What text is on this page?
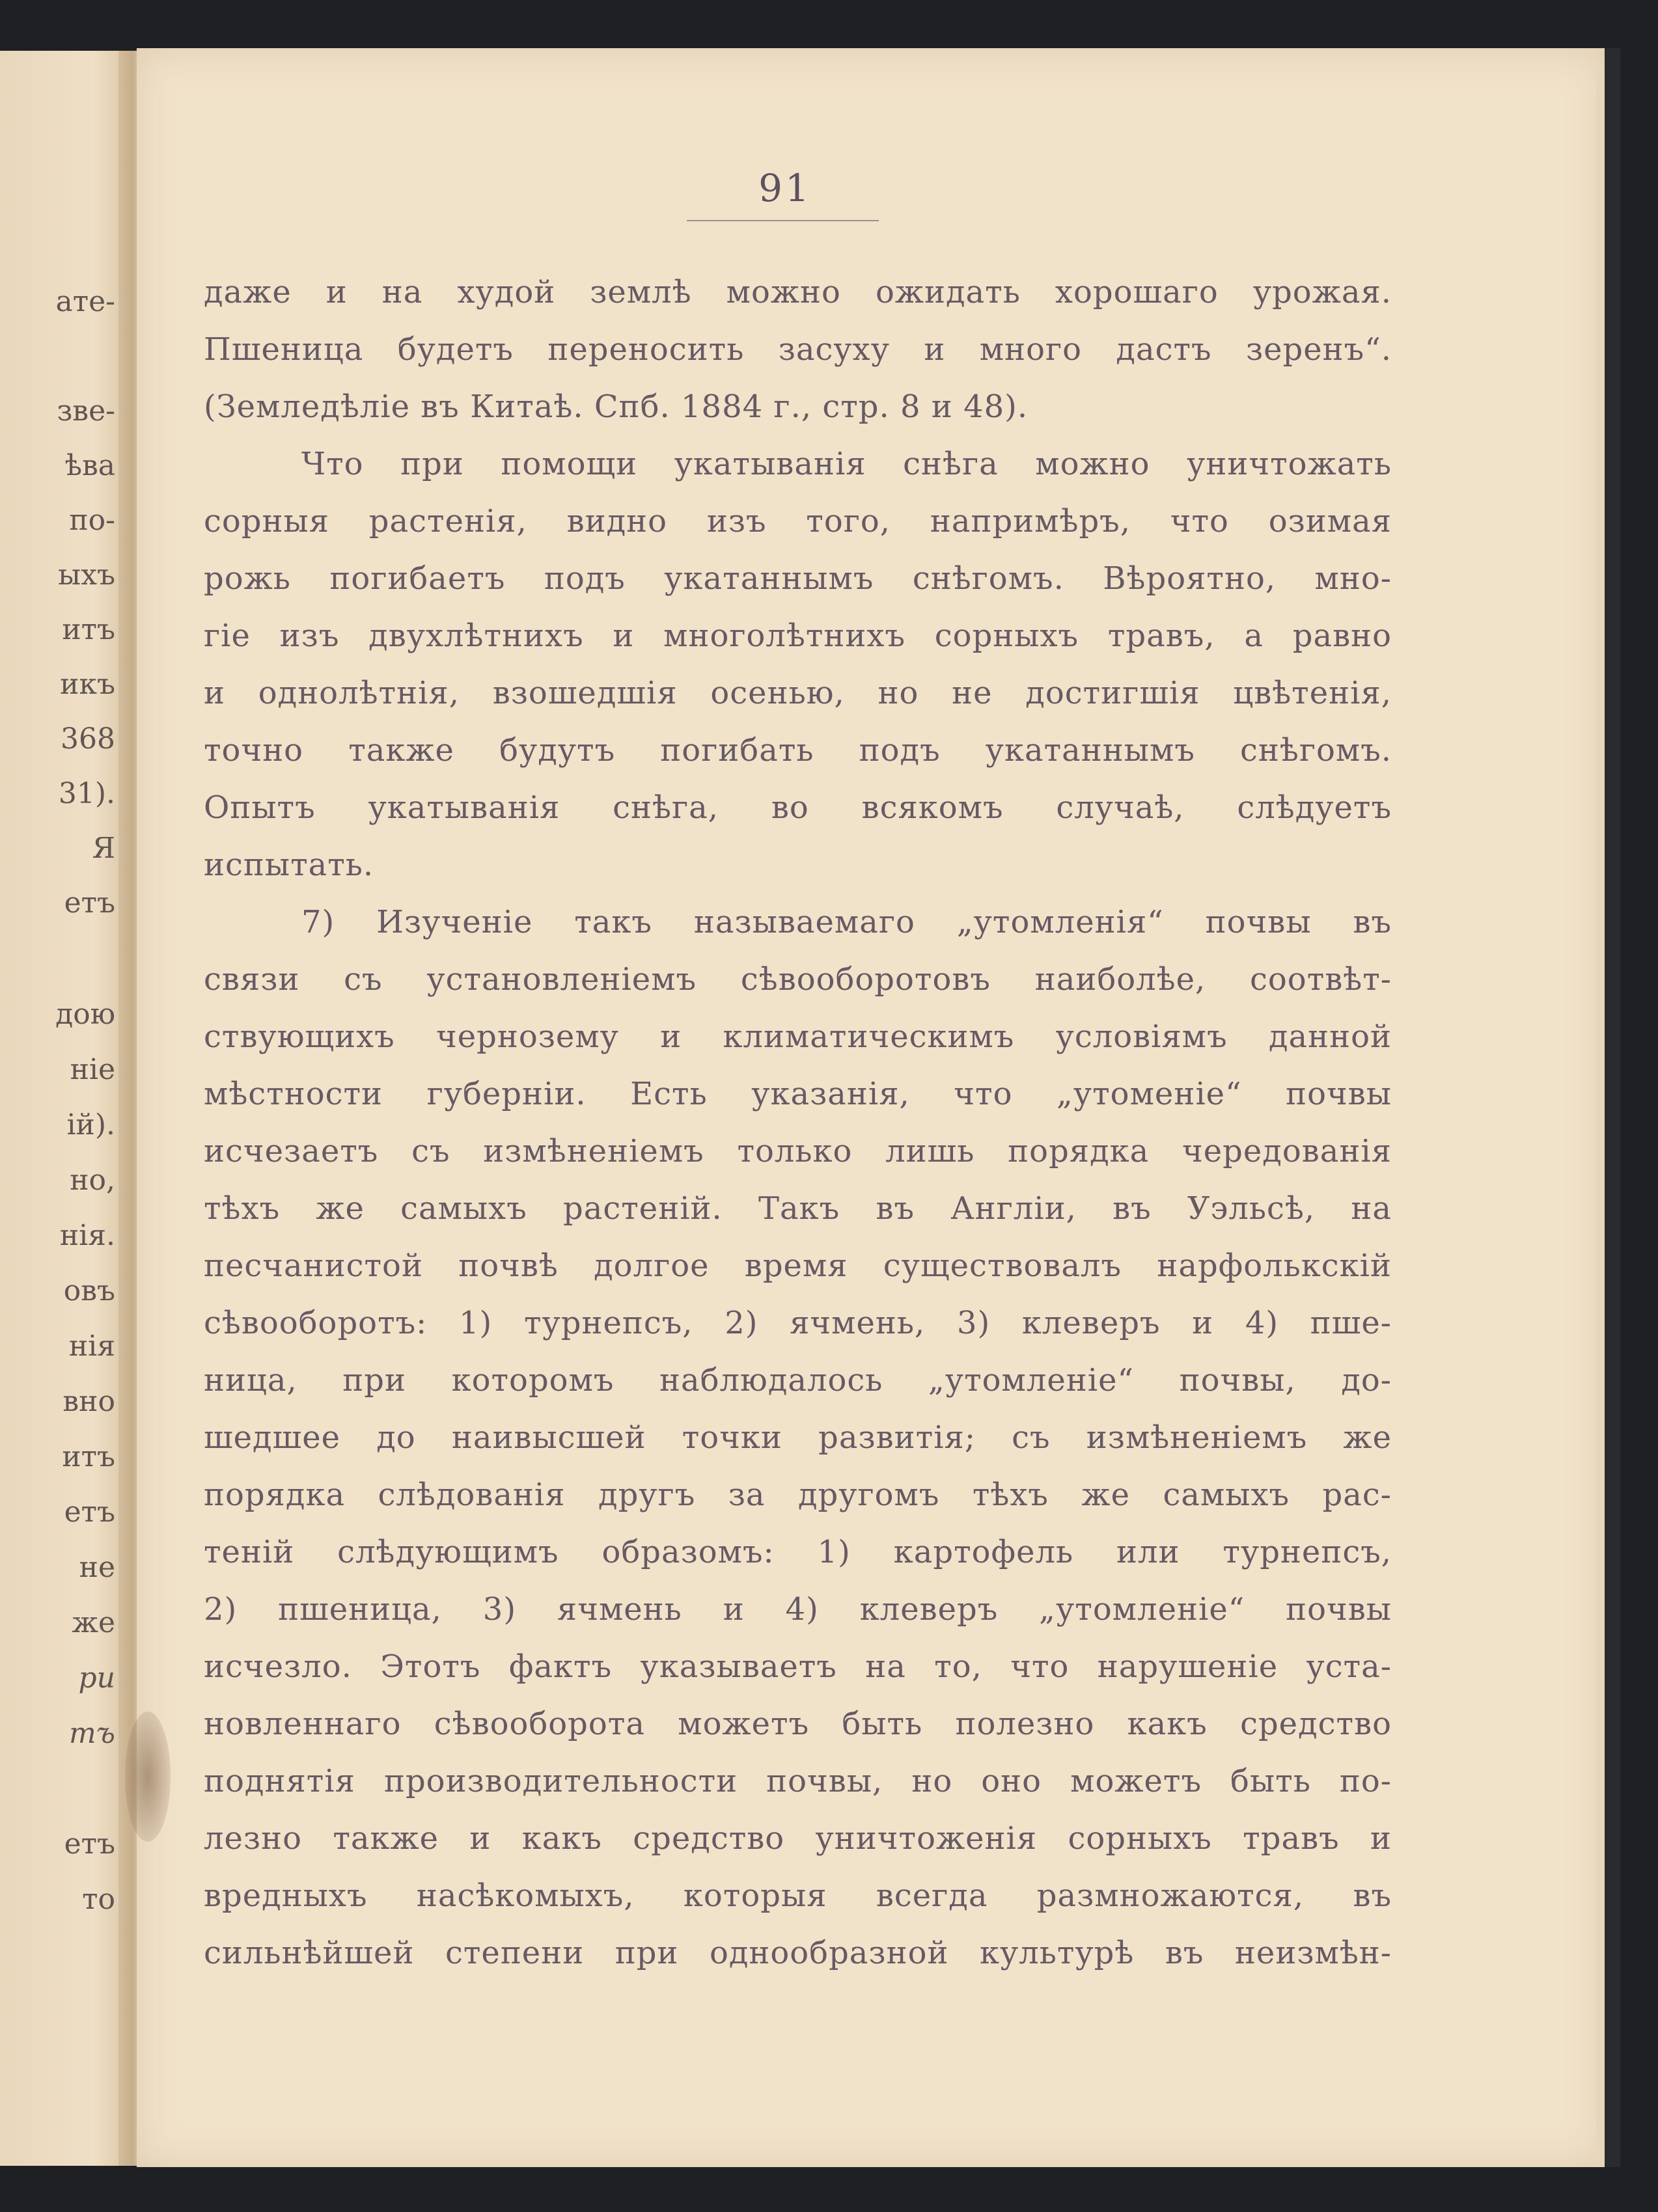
ате-
зве-
ѣва
по-
ыхъ
итъ
икъ
368
31).
Я
етъ
дою
ніе
ій).
но,
нія.
овъ
нія
вно
итъ
етъ
не
же
ри
тъ
етъ
то
91
даже и на худой землѣ можно ожидать хорошаго урожая.
Пшеница будетъ переносить засуху и много дастъ зеренъ“.
(Земледѣліе въ Китаѣ. Спб. 1884 г., стр. 8 и 48).
Что при помощи укатыванія снѣга можно уничтожать
сорныя растенія, видно изъ того, напримѣръ, что озимая
рожь погибаетъ подъ укатаннымъ снѣгомъ. Вѣроятно, мно-
гіе изъ двухлѣтнихъ и многолѣтнихъ сорныхъ травъ, а равно
и однолѣтнія, взошедшія осенью, но не достигшія цвѣтенія,
точно также будутъ погибать подъ укатаннымъ снѣгомъ.
Опытъ укатыванія снѣга, во всякомъ случаѣ, слѣдуетъ
испытать.
7) Изученіе такъ называемаго „утомленія“ почвы въ
связи съ установленіемъ сѣвооборотовъ наиболѣе, соотвѣт-
ствующихъ чернозему и климатическимъ условіямъ данной
мѣстности губерніи. Есть указанія, что „утоменіе“ почвы
исчезаетъ съ измѣненіемъ только лишь порядка чередованія
тѣхъ же самыхъ растеній. Такъ въ Англіи, въ Уэльсѣ, на
песчанистой почвѣ долгое время существовалъ нарфолькскій
сѣвооборотъ: 1) турнепсъ, 2) ячмень, 3) клеверъ и 4) пше-
ница, при которомъ наблюдалось „утомленіе“ почвы, до-
шедшее до наивысшей точки развитія; съ измѣненіемъ же
порядка слѣдованія другъ за другомъ тѣхъ же самыхъ рас-
теній слѣдующимъ образомъ: 1) картофель или турнепсъ,
2) пшеница, 3) ячмень и 4) клеверъ „утомленіе“ почвы
исчезло. Этотъ фактъ указываетъ на то, что нарушеніе уста-
новленнаго сѣвооборота можетъ быть полезно какъ средство
поднятія производительности почвы, но оно можетъ быть по-
лезно также и какъ средство уничтоженія сорныхъ травъ и
вредныхъ насѣкомыхъ, которыя всегда размножаются, въ
сильнѣйшей степени при однообразной культурѣ въ неизмѣн-
